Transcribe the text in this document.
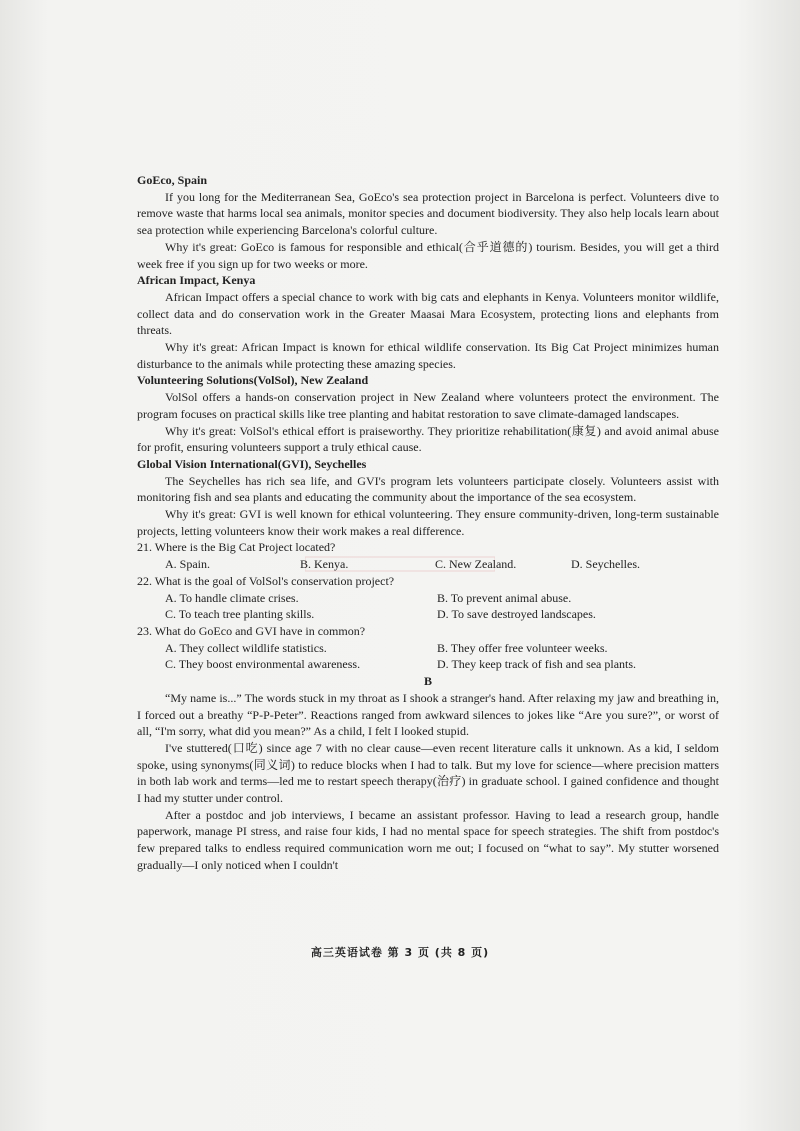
GoEco, Spain

If you long for the Mediterranean Sea, GoEco's sea protection project in Barcelona is perfect. Volunteers dive to remove waste that harms local sea animals, monitor species and document biodiversity. They also help locals learn about sea protection while experiencing Barcelona's colorful culture.

Why it's great: GoEco is famous for responsible and ethical(合乎道德的) tourism. Besides, you will get a third week free if you sign up for two weeks or more.

African Impact, Kenya

African Impact offers a special chance to work with big cats and elephants in Kenya. Volunteers monitor wildlife, collect data and do conservation work in the Greater Maasai Mara Ecosystem, protecting lions and elephants from threats.

Why it's great: African Impact is known for ethical wildlife conservation. Its Big Cat Project minimizes human disturbance to the animals while protecting these amazing species.

Volunteering Solutions(VolSol), New Zealand

VolSol offers a hands-on conservation project in New Zealand where volunteers protect the environment. The program focuses on practical skills like tree planting and habitat restoration to save climate-damaged landscapes.

Why it's great: VolSol's ethical effort is praiseworthy. They prioritize rehabilitation(康复) and avoid animal abuse for profit, ensuring volunteers support a truly ethical cause.

Global Vision International(GVI), Seychelles

The Seychelles has rich sea life, and GVI's program lets volunteers participate closely. Volunteers assist with monitoring fish and sea plants and educating the community about the importance of the sea ecosystem.

Why it's great: GVI is well known for ethical volunteering. They ensure community-driven, long-term sustainable projects, letting volunteers know their work makes a real difference.

21. Where is the Big Cat Project located?

A. Spain.	B. Kenya.	C. New Zealand.	D. Seychelles.

22. What is the goal of VolSol's conservation project?

A. To handle climate crises.	B. To prevent animal abuse.
C. To teach tree planting skills.	D. To save destroyed landscapes.

23. What do GoEco and GVI have in common?

A. They collect wildlife statistics.	B. They offer free volunteer weeks.
C. They boost environmental awareness.	D. They keep track of fish and sea plants.

B

“My name is...” The words stuck in my throat as I shook a stranger's hand. After relaxing my jaw and breathing in, I forced out a breathy “P-P-Peter”. Reactions ranged from awkward silences to jokes like “Are you sure?”, or worst of all, “I'm sorry, what did you mean?” As a child, I felt I looked stupid.

I've stuttered(口吃) since age 7 with no clear cause—even recent literature calls it unknown. As a kid, I seldom spoke, using synonyms(同义词) to reduce blocks when I had to talk. But my love for science—where precision matters in both lab work and terms—led me to restart speech therapy(治疗) in graduate school. I gained confidence and thought I had my stutter under control.

After a postdoc and job interviews, I became an assistant professor. Having to lead a research group, handle paperwork, manage PI stress, and raise four kids, I had no mental space for speech strategies. The shift from postdoc's few prepared talks to endless required communication worn me out; I focused on “what to say”. My stutter worsened gradually—I only noticed when I couldn't

高三英语试卷 第 3 页 (共 8 页)
